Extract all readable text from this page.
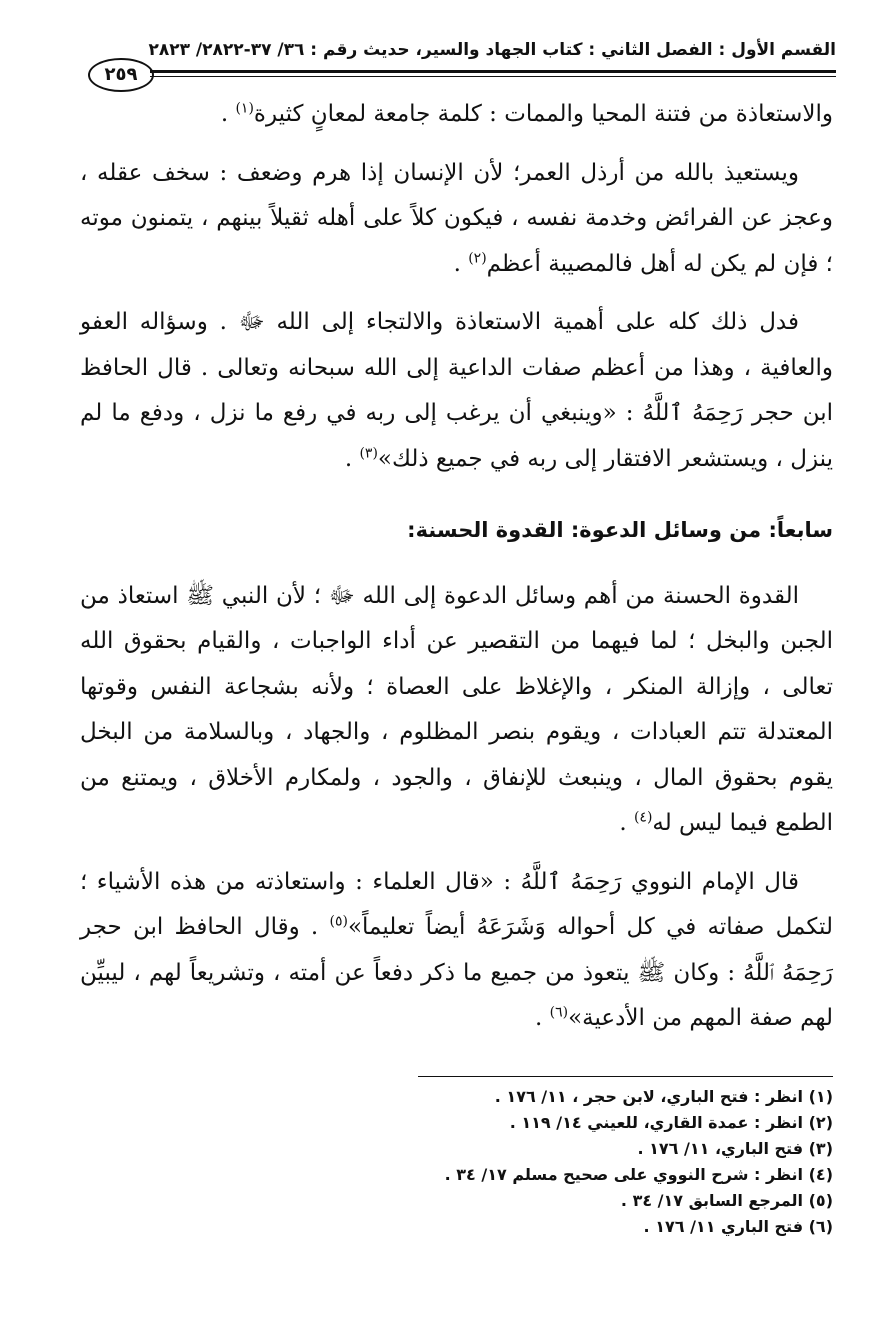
القسم الأول : الفصل الثاني : كتاب الجهاد والسير، حديث رقم : ٣٦/ ٣٧-٢٨٢٢/ ٢٨٢٣
٢٥٩

والاستعاذة من فتنة المحيا والممات : كلمة جامعة لمعانٍ كثيرة$^{(١)}$ .

ويستعيذ بالله من أرذل العمر؛ لأن الإنسان إذا هرم وضعف : سخف عقله ، وعجز عن الفرائض وخدمة نفسه ، فيكون كلاً على أهله ثقيلاً بينهم ، يتمنون موته ؛ فإن لم يكن له أهل فالمصيبة أعظم$^{(٢)}$ .

فدل ذلك كله على أهمية الاستعاذة والالتجاء إلى الله ﷻ . وسؤاله العفو والعافية ، وهذا من أعظم صفات الداعية إلى الله سبحانه وتعالى . قال الحافظ ابن حجر رَحِمَهُ ٱللَّهُ : «وينبغي أن يرغب إلى ربه في رفع ما نزل ، ودفع ما لم ينزل ، ويستشعر الافتقار إلى ربه في جميع ذلك»$^{(٣)}$ .

سابعاً: من وسائل الدعوة: القدوة الحسنة:

القدوة الحسنة من أهم وسائل الدعوة إلى الله ﷻ ؛ لأن النبي ﷺ استعاذ من الجبن والبخل ؛ لما فيهما من التقصير عن أداء الواجبات ، والقيام بحقوق الله تعالى ، وإزالة المنكر ، والإغلاظ على العصاة ؛ ولأنه بشجاعة النفس وقوتها المعتدلة تتم العبادات ، ويقوم بنصر المظلوم ، والجهاد ، وبالسلامة من البخل يقوم بحقوق المال ، وينبعث للإنفاق ، والجود ، ولمكارم الأخلاق ، ويمتنع من الطمع فيما ليس له$^{(٤)}$ .

قال الإمام النووي رَحِمَهُ ٱللَّهُ : «قال العلماء : واستعاذته من هذه الأشياء ؛ لتكمل صفاته في كل أحواله وَشَرَعَهُ أيضاً تعليماً»$^{(٥)}$ . وقال الحافظ ابن حجر رَحِمَهُ ٱللَّهُ : وكان ﷺ يتعوذ من جميع ما ذكر دفعاً عن أمته ، وتشريعاً لهم ، ليبيِّن لهم صفة المهم من الأدعية»$^{(٦)}$ .

(١) انظر : فتح الباري، لابن حجر ، ١١/ ١٧٦ .
(٢) انظر : عمدة القاري، للعيني ١٤/ ١١٩ .
(٣) فتح الباري، ١١/ ١٧٦ .
(٤) انظر : شرح النووي على صحيح مسلم ١٧/ ٣٤ .
(٥) المرجع السابق ١٧/ ٣٤ .
(٦) فتح الباري ١١/ ١٧٦ .
